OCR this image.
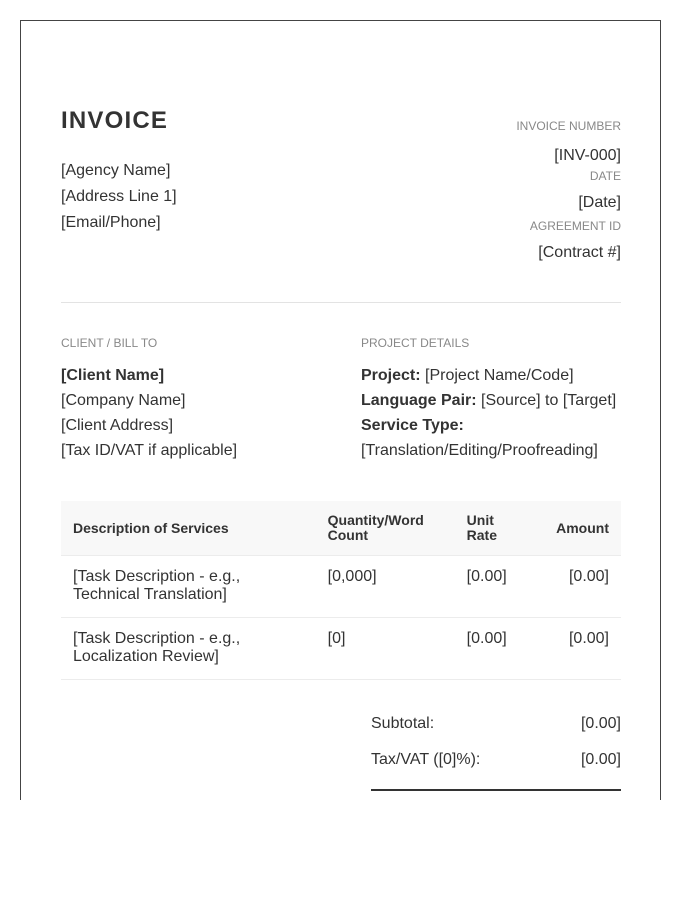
INVOICE
[Agency Name]
[Address Line 1]
[Email/Phone]
INVOICE NUMBER
[INV-000]
DATE
[Date]
AGREEMENT ID
[Contract #]
CLIENT / BILL TO
[Client Name]
[Company Name]
[Client Address]
[Tax ID/VAT if applicable]
PROJECT DETAILS
Project: [Project Name/Code]
Language Pair: [Source] to [Target]
Service Type:
[Translation/Editing/Proofreading]
Description of Services	Quantity/Word Count	Unit Rate	Amount
[Task Description - e.g., Technical Translation]	[0,000]	[0.00]	[0.00]
[Task Description - e.g., Localization Review]	[0]	[0.00]	[0.00]
Subtotal:	[0.00]
Tax/VAT ([0]%):	[0.00]
